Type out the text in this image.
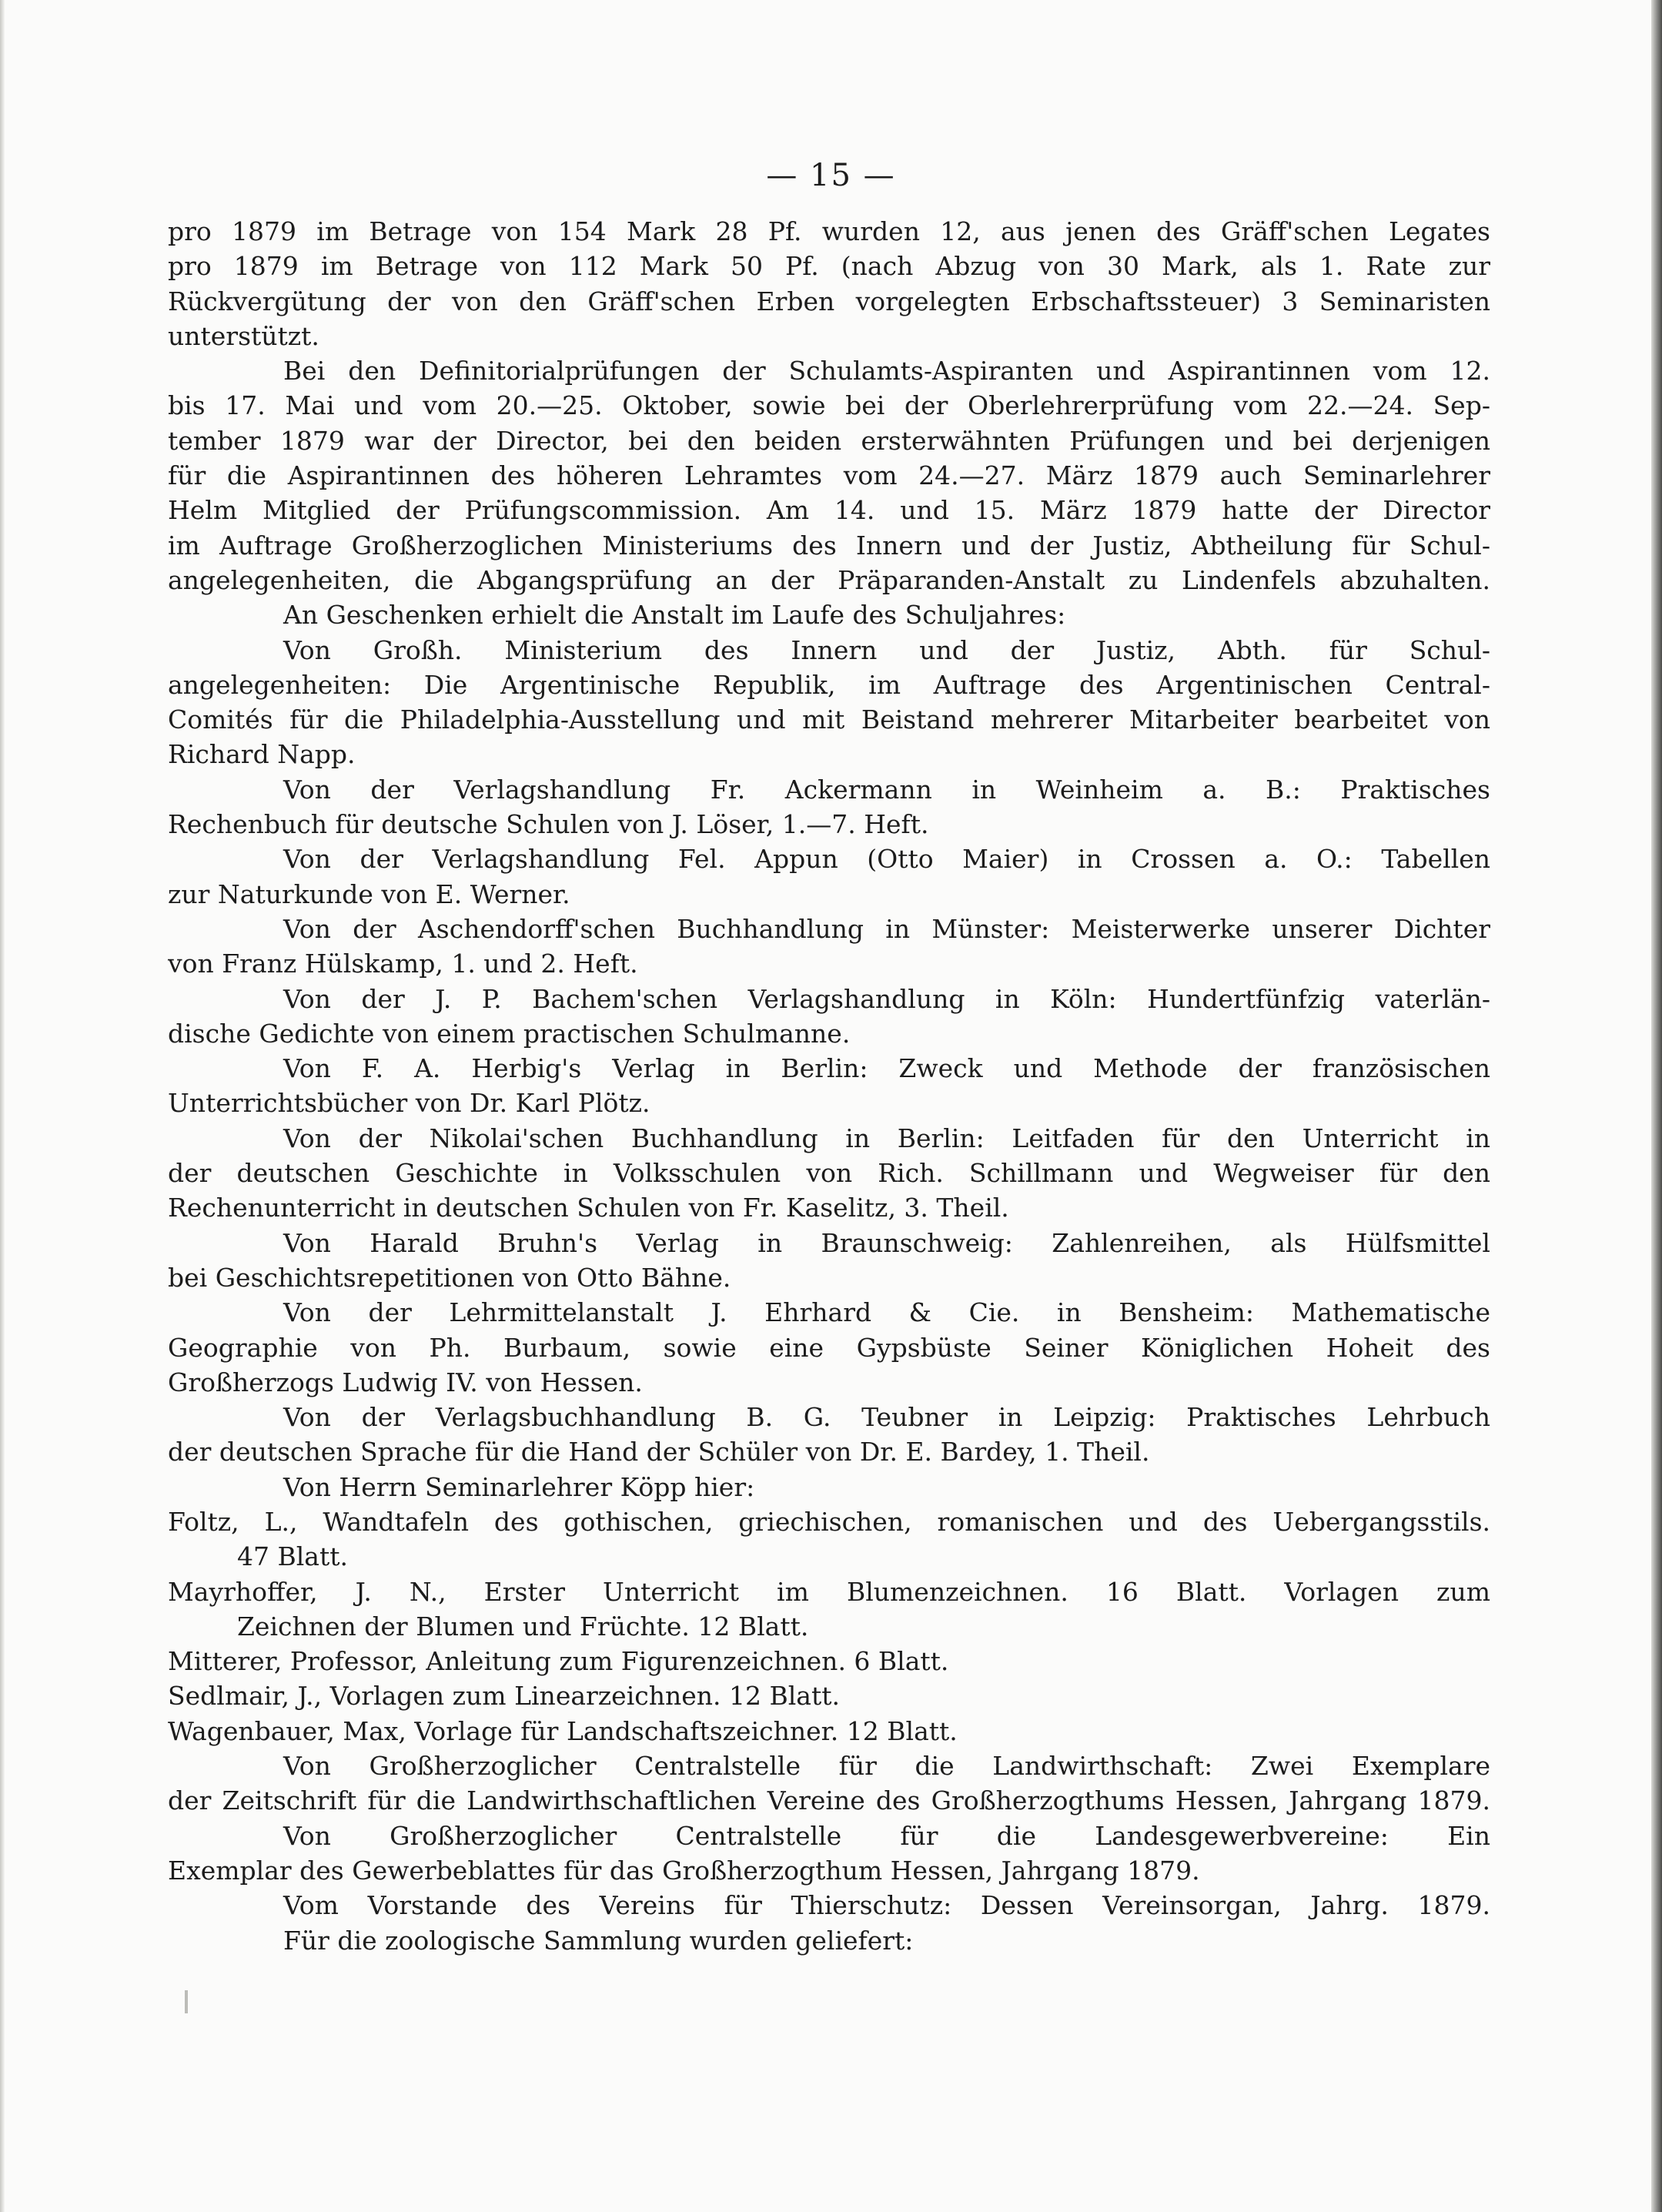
— 15 —
pro 1879 im Betrage von 154 Mark 28 Pf. wurden 12, aus jenen des Gräff'schen Legates
pro 1879 im Betrage von 112 Mark 50 Pf. (nach Abzug von 30 Mark, als 1. Rate zur
Rückvergütung der von den Gräff'schen Erben vorgelegten Erbschaftssteuer) 3 Seminaristen
unterstützt.
Bei den Definitorialprüfungen der Schulamts-Aspiranten und Aspirantinnen vom 12.
bis 17. Mai und vom 20.—25. Oktober, sowie bei der Oberlehrerprüfung vom 22.—24. Sep-
tember 1879 war der Director, bei den beiden ersterwähnten Prüfungen und bei derjenigen
für die Aspirantinnen des höheren Lehramtes vom 24.—27. März 1879 auch Seminarlehrer
Helm Mitglied der Prüfungscommission. Am 14. und 15. März 1879 hatte der Director
im Auftrage Großherzoglichen Ministeriums des Innern und der Justiz, Abtheilung für Schul-
angelegenheiten, die Abgangsprüfung an der Präparanden-Anstalt zu Lindenfels abzuhalten.
An Geschenken erhielt die Anstalt im Laufe des Schuljahres:
Von Großh. Ministerium des Innern und der Justiz, Abth. für Schul-
angelegenheiten: Die Argentinische Republik, im Auftrage des Argentinischen Central-
Comités für die Philadelphia-Ausstellung und mit Beistand mehrerer Mitarbeiter bearbeitet von
Richard Napp.
Von der Verlagshandlung Fr. Ackermann in Weinheim a. B.: Praktisches
Rechenbuch für deutsche Schulen von J. Löser, 1.—7. Heft.
Von der Verlagshandlung Fel. Appun (Otto Maier) in Crossen a. O.: Tabellen
zur Naturkunde von E. Werner.
Von der Aschendorff'schen Buchhandlung in Münster: Meisterwerke unserer Dichter
von Franz Hülskamp, 1. und 2. Heft.
Von der J. P. Bachem'schen Verlagshandlung in Köln: Hundertfünfzig vaterlän-
dische Gedichte von einem practischen Schulmanne.
Von F. A. Herbig's Verlag in Berlin: Zweck und Methode der französischen
Unterrichtsbücher von Dr. Karl Plötz.
Von der Nikolai'schen Buchhandlung in Berlin: Leitfaden für den Unterricht in
der deutschen Geschichte in Volksschulen von Rich. Schillmann und Wegweiser für den
Rechenunterricht in deutschen Schulen von Fr. Kaselitz, 3. Theil.
Von Harald Bruhn's Verlag in Braunschweig: Zahlenreihen, als Hülfsmittel
bei Geschichtsrepetitionen von Otto Bähne.
Von der Lehrmittelanstalt J. Ehrhard & Cie. in Bensheim: Mathematische
Geographie von Ph. Burbaum, sowie eine Gypsbüste Seiner Königlichen Hoheit des
Großherzogs Ludwig IV. von Hessen.
Von der Verlagsbuchhandlung B. G. Teubner in Leipzig: Praktisches Lehrbuch
der deutschen Sprache für die Hand der Schüler von Dr. E. Bardey, 1. Theil.
Von Herrn Seminarlehrer Köpp hier:
Foltz, L., Wandtafeln des gothischen, griechischen, romanischen und des Uebergangsstils.
47 Blatt.
Mayrhoffer, J. N., Erster Unterricht im Blumenzeichnen. 16 Blatt. Vorlagen zum
Zeichnen der Blumen und Früchte. 12 Blatt.
Mitterer, Professor, Anleitung zum Figurenzeichnen. 6 Blatt.
Sedlmair, J., Vorlagen zum Linearzeichnen. 12 Blatt.
Wagenbauer, Max, Vorlage für Landschaftszeichner. 12 Blatt.
Von Großherzoglicher Centralstelle für die Landwirthschaft: Zwei Exemplare
der Zeitschrift für die Landwirthschaftlichen Vereine des Großherzogthums Hessen, Jahrgang 1879.
Von Großherzoglicher Centralstelle für die Landesgewerbvereine: Ein
Exemplar des Gewerbeblattes für das Großherzogthum Hessen, Jahrgang 1879.
Vom Vorstande des Vereins für Thierschutz: Dessen Vereinsorgan, Jahrg. 1879.
Für die zoologische Sammlung wurden geliefert:
